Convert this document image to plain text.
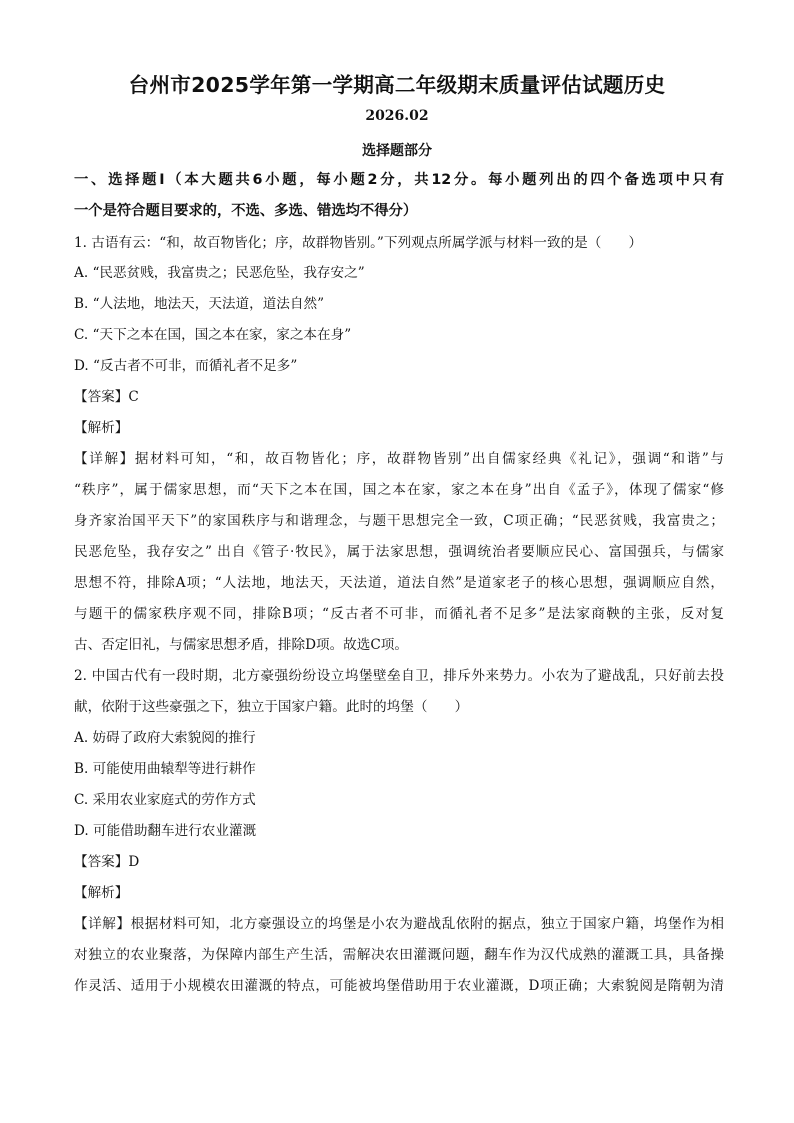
台州市2025学年第一学期高二年级期末质量评估试题历史
2026.02
选择题部分
一、选择题Ⅰ（本大题共6小题，每小题2分，共12分。每小题列出的四个备选项中只有
一个是符合题目要求的，不选、多选、错选均不得分）
1. 古语有云：“和，故百物皆化；序，故群物皆别。”下列观点所属学派与材料一致的是（　　）
A. “民恶贫贱，我富贵之；民恶危坠，我存安之”
B. “人法地，地法天，天法道，道法自然”
C. “天下之本在国，国之本在家，家之本在身”
D. “反古者不可非，而循礼者不足多”
【答案】C
【解析】
【详解】据材料可知，“和，故百物皆化；序，故群物皆别”出自儒家经典《礼记》，强调“和谐”与
“秩序”，属于儒家思想，而“天下之本在国，国之本在家，家之本在身”出自《孟子》，体现了儒家“修
身齐家治国平天下”的家国秩序与和谐理念，与题干思想完全一致，C项正确；“民恶贫贱，我富贵之；
民恶危坠，我存安之” 出自《管子·牧民》，属于法家思想，强调统治者要顺应民心、富国强兵，与儒家
思想不符，排除A项；“人法地，地法天，天法道，道法自然”是道家老子的核心思想，强调顺应自然，
与题干的儒家秩序观不同，排除B项；“反古者不可非，而循礼者不足多”是法家商鞅的主张，反对复
古、否定旧礼，与儒家思想矛盾，排除D项。故选C项。
2. 中国古代有一段时期，北方豪强纷纷设立坞堡壁垒自卫，排斥外来势力。小农为了避战乱，只好前去投
献，依附于这些豪强之下，独立于国家户籍。此时的坞堡（　　）
A. 妨碍了政府大索貌阅的推行
B. 可能使用曲辕犁等进行耕作
C. 采用农业家庭式的劳作方式
D. 可能借助翻车进行农业灌溉
【答案】D
【解析】
【详解】根据材料可知，北方豪强设立的坞堡是小农为避战乱依附的据点，独立于国家户籍，坞堡作为相
对独立的农业聚落，为保障内部生产生活，需解决农田灌溉问题，翻车作为汉代成熟的灌溉工具，具备操
作灵活、适用于小规模农田灌溉的特点，可能被坞堡借助用于农业灌溉，D项正确；大索貌阅是隋朝为清
